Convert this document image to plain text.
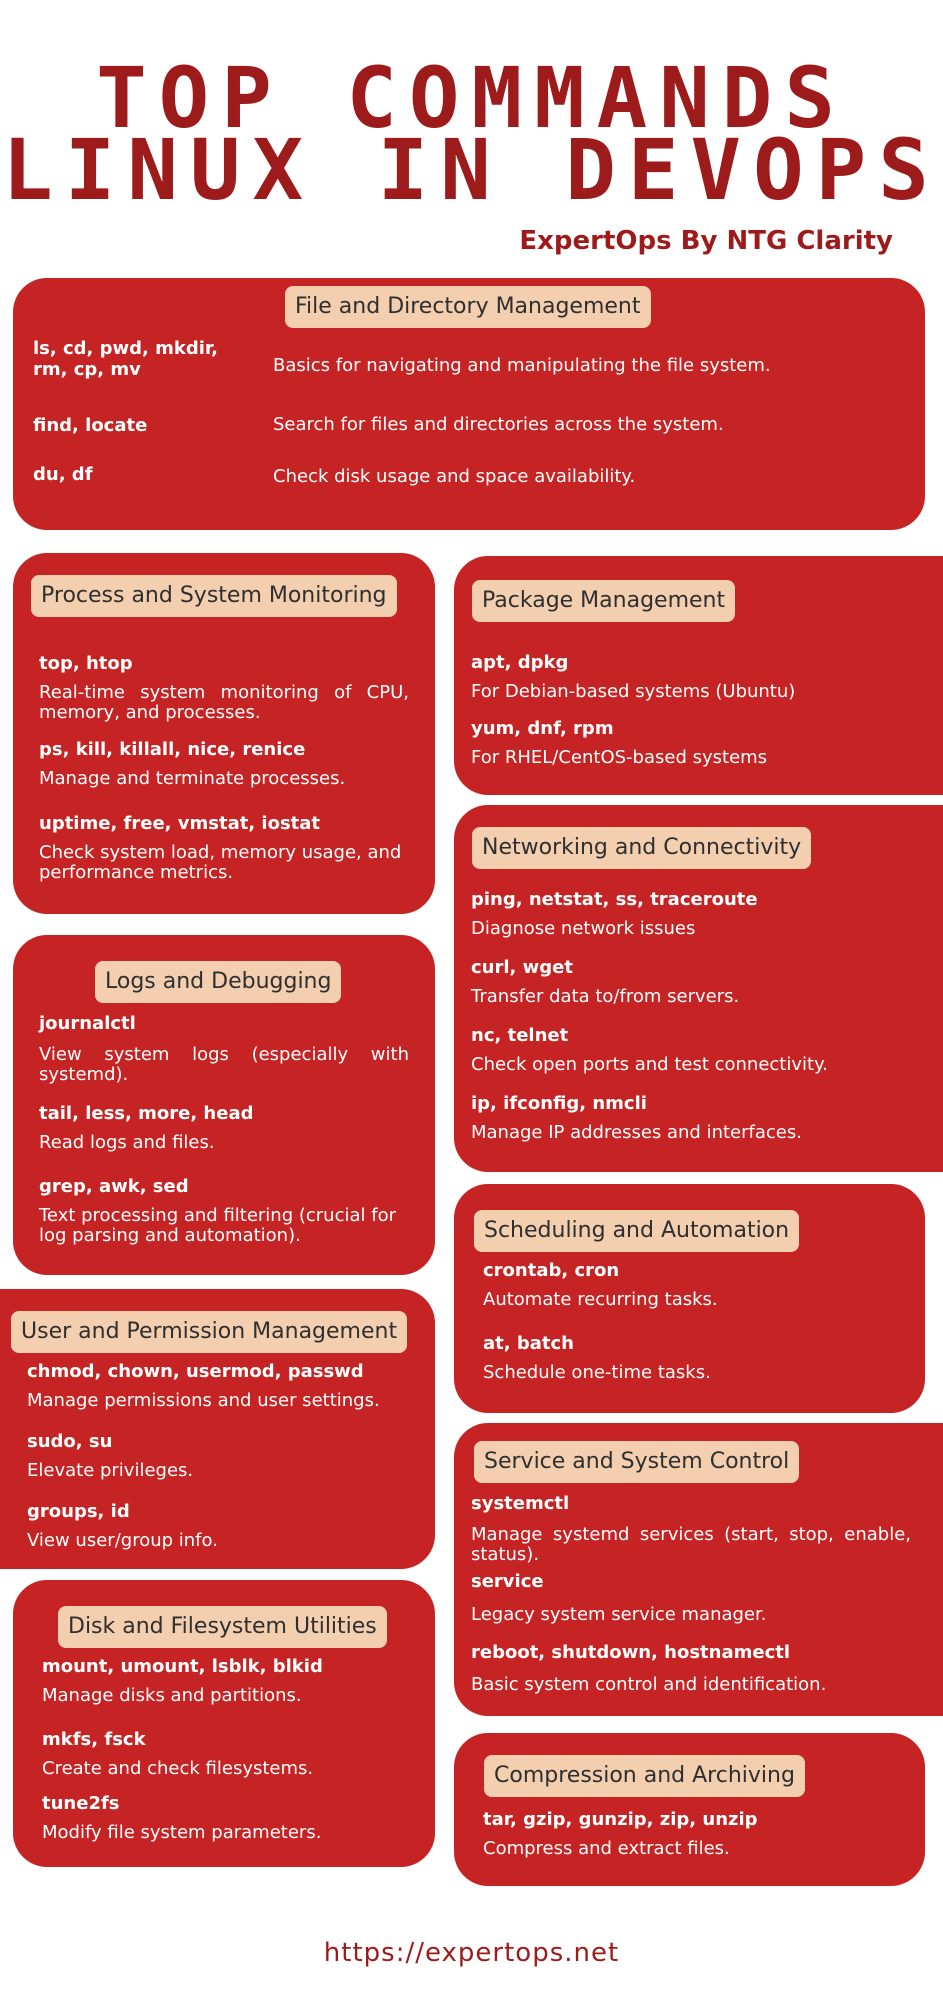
TOP COMMANDS
LINUX IN DEVOPS
ExpertOps By NTG Clarity
File and Directory Management
ls, cd, pwd, mkdir, rm, cp, mv	Basics for navigating and manipulating the file system.
find, locate	Search for files and directories across the system.
du, df	Check disk usage and space availability.
Process and System Monitoring
top, htop
Real-time system monitoring of CPU, memory, and processes.
ps, kill, killall, nice, renice
Manage and terminate processes.
uptime, free, vmstat, iostat
Check system load, memory usage, and performance metrics.
Package Management
apt, dpkg
For Debian-based systems (Ubuntu)
yum, dnf, rpm
For RHEL/CentOS-based systems
Networking and Connectivity
ping, netstat, ss, traceroute
Diagnose network issues
curl, wget
Transfer data to/from servers.
nc, telnet
Check open ports and test connectivity.
ip, ifconfig, nmcli
Manage IP addresses and interfaces.
Logs and Debugging
journalctl
View system logs (especially with systemd).
tail, less, more, head
Read logs and files.
grep, awk, sed
Text processing and filtering (crucial for log parsing and automation).	Scheduling and Automation
crontab, cron
Automate recurring tasks.
at, batch
Schedule one-time tasks.
User and Permission Management
chmod, chown, usermod, passwd
Manage permissions and user settings.
sudo, su
Elevate privileges.
groups, id
View user/group info.
Service and System Control
systemctl
Manage systemd services (start, stop, enable, status).
service
Legacy system service manager.
reboot, shutdown, hostnamectl
Basic system control and identification.
Disk and Filesystem Utilities
mount, umount, lsblk, blkid
Manage disks and partitions.
mkfs, fsck
Create and check filesystems.
tune2fs
Modify file system parameters.
Compression and Archiving
tar, gzip, gunzip, zip, unzip
Compress and extract files.
https://expertops.net
